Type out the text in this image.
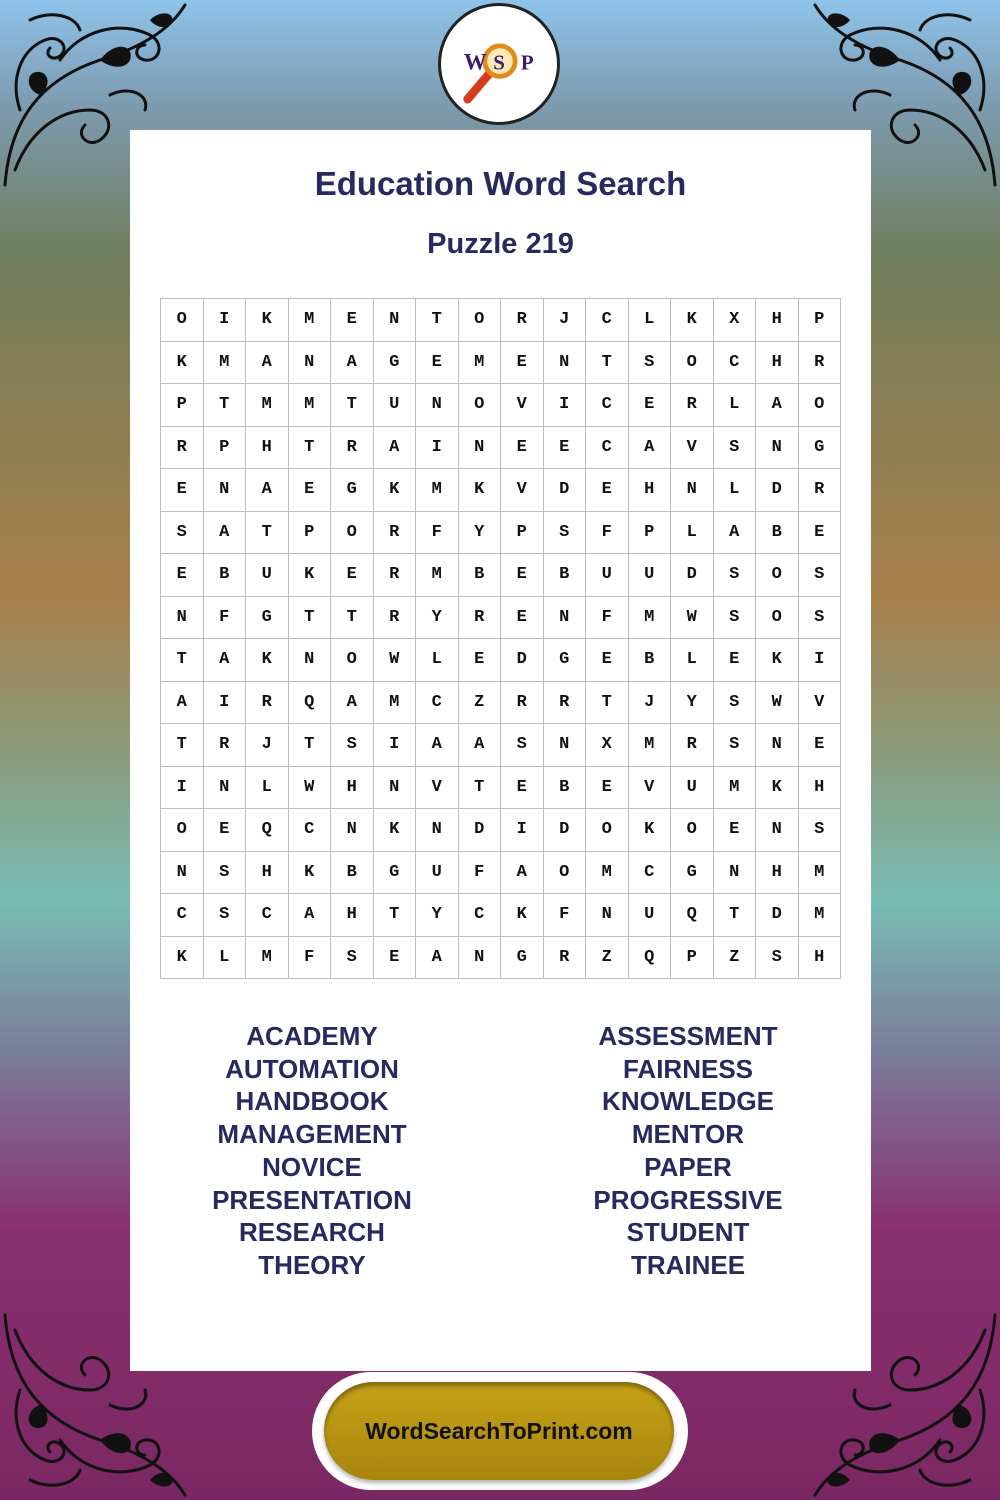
W S P
Education Word Search
Puzzle 219
O	I	K	M	E	N	T	O	R	J	C	L	K	X	H	P
K	M	A	N	A	G	E	M	E	N	T	S	O	C	H	R
P	T	M	M	T	U	N	O	V	I	C	E	R	L	A	O
R	P	H	T	R	A	I	N	E	E	C	A	V	S	N	G
E	N	A	E	G	K	M	K	V	D	E	H	N	L	D	R
S	A	T	P	O	R	F	Y	P	S	F	P	L	A	B	E
E	B	U	K	E	R	M	B	E	B	U	U	D	S	O	S
N	F	G	T	T	R	Y	R	E	N	F	M	W	S	O	S
T	A	K	N	O	W	L	E	D	G	E	B	L	E	K	I
A	I	R	Q	A	M	C	Z	R	R	T	J	Y	S	W	V
T	R	J	T	S	I	A	A	S	N	X	M	R	S	N	E
I	N	L	W	H	N	V	T	E	B	E	V	U	M	K	H
O	E	Q	C	N	K	N	D	I	D	O	K	O	E	N	S
N	S	H	K	B	G	U	F	A	O	M	C	G	N	H	M
C	S	C	A	H	T	Y	C	K	F	N	U	Q	T	D	M
K	L	M	F	S	E	A	N	G	R	Z	Q	P	Z	S	H
ACADEMY
AUTOMATION
HANDBOOK
MANAGEMENT
NOVICE
PRESENTATION
RESEARCH
THEORY
ASSESSMENT
FAIRNESS
KNOWLEDGE
MENTOR
PAPER
PROGRESSIVE
STUDENT
TRAINEE
WordSearchToPrint.com
